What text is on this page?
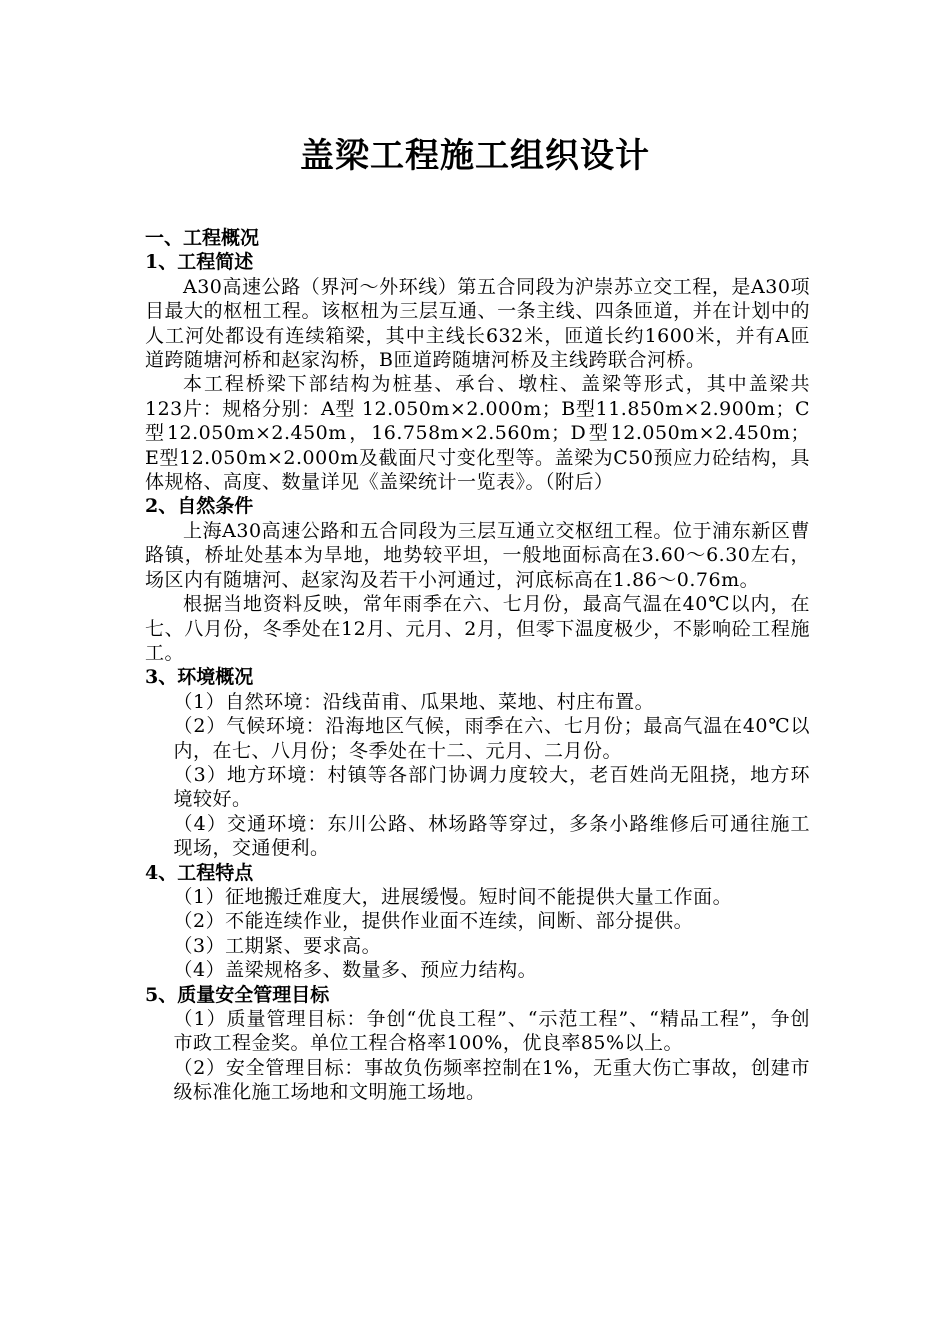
盖梁工程施工组织设计
一、工程概况
1、工程简述
A30高速公路（界河～外环线）第五合同段为沪崇苏立交工程，是A30项目最大的枢杻工程。该枢杻为三层互通、一条主线、四条匝道，并在计划中的人工河处都设有连续箱梁，其中主线长632米，匝道长约1600米，并有A匝道跨随塘河桥和赵家沟桥，B匝道跨随塘河桥及主线跨联合河桥。
本工程桥梁下部结构为桩基、承台、墩柱、盖梁等形式，其中盖梁共 123片：规格分别：A型 12.050m×2.000m；B型11.850m×2.900m；C型12.050m×2.450m，16.758m×2.560m；D型12.050m×2.450m；E型12.050m×2.000m及截面尺寸变化型等。盖梁为C50预应力砼结构，具体规格、高度、数量详见《盖梁统计一览表》。（附后）
2、自然条件
上海A30高速公路和五合同段为三层互通立交枢纽工程。位于浦东新区曹路镇，桥址处基本为旱地，地势较平坦，一般地面标高在3.60～6.30左右，场区内有随塘河、赵家沟及若干小河通过，河底标高在1.86～0.76m。
根据当地资料反映，常年雨季在六、七月份，最高气温在40℃以内，在七、八月份，冬季处在12月、元月、2月，但零下温度极少，不影响砼工程施工。
3、环境概况
（1）自然环境：沿线苗甫、瓜果地、菜地、村庄布置。
（2）气候环境：沿海地区气候，雨季在六、七月份；最高气温在40℃以内，在七、八月份；冬季处在十二、元月、二月份。
（3）地方环境：村镇等各部门协调力度较大，老百姓尚无阻挠，地方环境较好。
（4）交通环境：东川公路、林场路等穿过，多条小路维修后可通往施工现场，交通便利。
4、工程特点
（1）征地搬迁难度大，进展缓慢。短时间不能提供大量工作面。
（2）不能连续作业，提供作业面不连续，间断、部分提供。
（3）工期紧、要求高。
（4）盖梁规格多、数量多、预应力结构。
5、质量安全管理目标
（1）质量管理目标：争创“优良工程”、“示范工程”、“精品工程”，争创市政工程金奖。单位工程合格率100%，优良率85%以上。
（2）安全管理目标：事故负伤频率控制在1%，无重大伤亡事故，创建市级标准化施工场地和文明施工场地。
